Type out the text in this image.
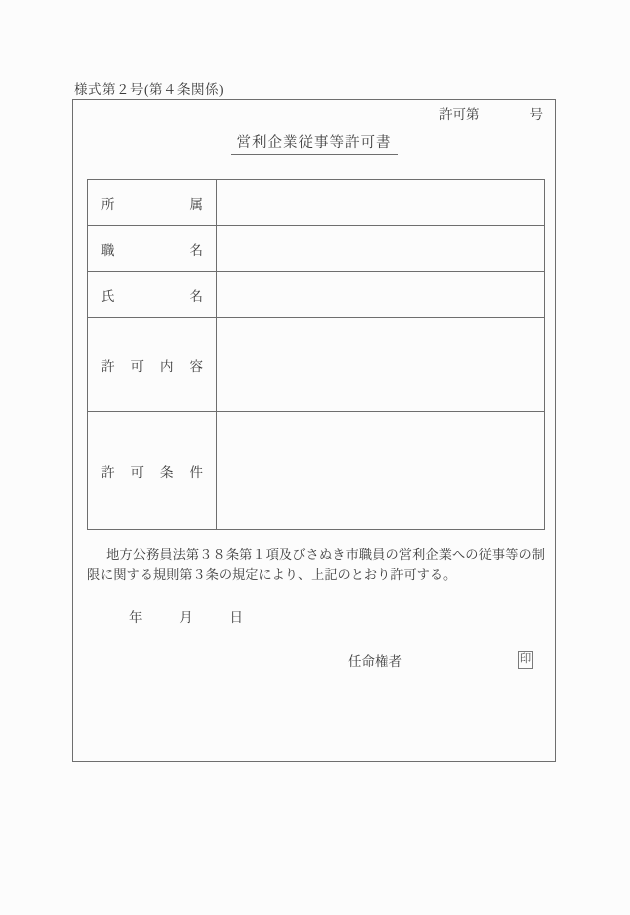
様式第２号(第４条関係)
許可第	号
営利企業従事等許可書
所 属	

職 名	

氏 名	

許 可 内 容	

許 可 条 件	

地方公務員法第３８条第１項及びさぬき市職員の営利企業への従事等の制限に関する規則第３条の規定により、上記のとおり許可する。
年	月	日
任命権者	印
